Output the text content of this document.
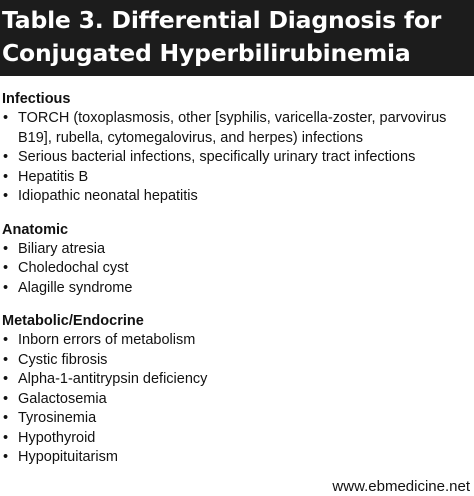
Table 3. Differential Diagnosis for
Conjugated Hyperbilirubinemia

Infectious

• TORCH (toxoplasmosis, other [syphilis, varicella-zoster, parvovirus B19], rubella, cytomegalovirus, and herpes) infections
• Serious bacterial infections, specifically urinary tract infections
• Hepatitis B
• Idiopathic neonatal hepatitis

Anatomic

• Biliary atresia
• Choledochal cyst
• Alagille syndrome

Metabolic/Endocrine

• Inborn errors of metabolism
• Cystic fibrosis
• Alpha-1-antitrypsin deficiency
• Galactosemia
• Tyrosinemia
• Hypothyroid
• Hypopituitarism
www.ebmedicine.net
